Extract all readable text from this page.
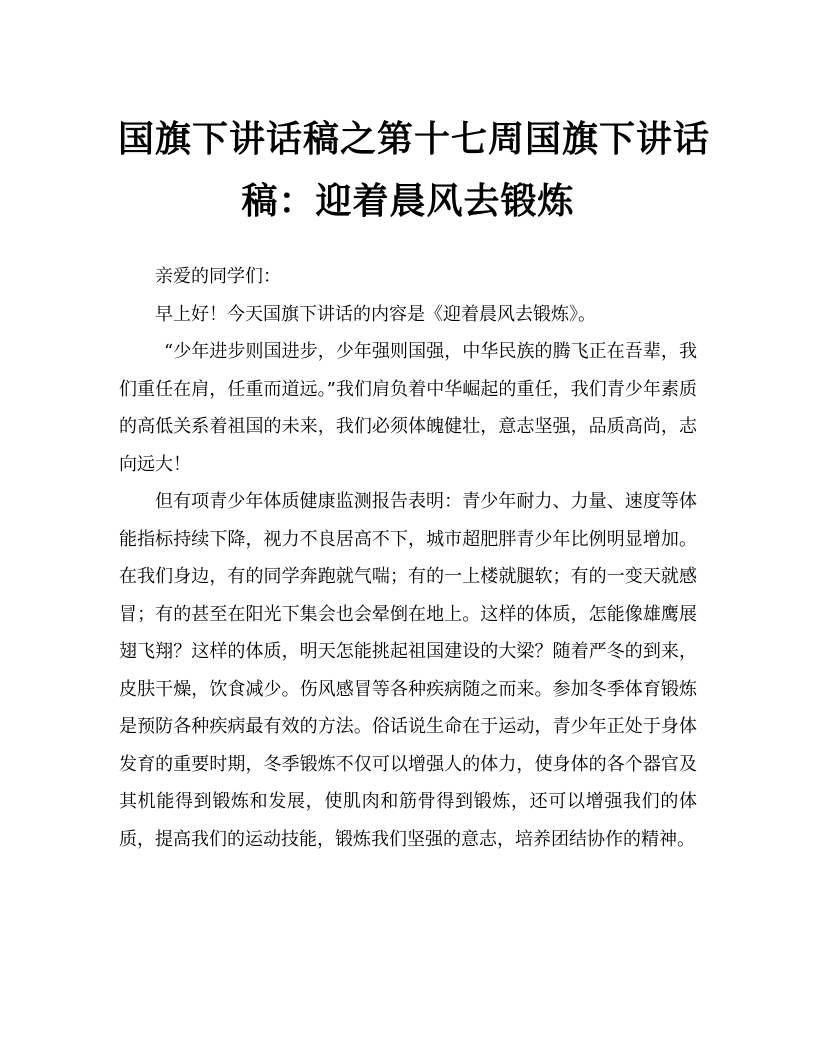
国旗下讲话稿之第十七周国旗下讲话
稿：迎着晨风去锻炼

亲爱的同学们：

早上好！今天国旗下讲话的内容是《迎着晨风去锻炼》。

“少年进步则国进步，少年强则国强，中华民族的腾飞正在吾辈，我们重任在肩，任重而道远。”我们肩负着中华崛起的重任，我们青少年素质的高低关系着祖国的未来，我们必须体魄健壮，意志坚强，品质高尚，志向远大！

但有项青少年体质健康监测报告表明：青少年耐力、力量、速度等体能指标持续下降，视力不良居高不下，城市超肥胖青少年比例明显增加。在我们身边，有的同学奔跑就气喘；有的一上楼就腿软；有的一变天就感冒；有的甚至在阳光下集会也会晕倒在地上。这样的体质，怎能像雄鹰展翅飞翔？这样的体质，明天怎能挑起祖国建设的大梁？随着严冬的到来，皮肤干燥，饮食减少。伤风感冒等各种疾病随之而来。参加冬季体育锻炼是预防各种疾病最有效的方法。俗话说生命在于运动，青少年正处于身体发育的重要时期，冬季锻炼不仅可以增强人的体力，使身体的各个器官及其机能得到锻炼和发展，使肌肉和筋骨得到锻炼，还可以增强我们的体质，提高我们的运动技能，锻炼我们坚强的意志，培养团结协作的精神。
